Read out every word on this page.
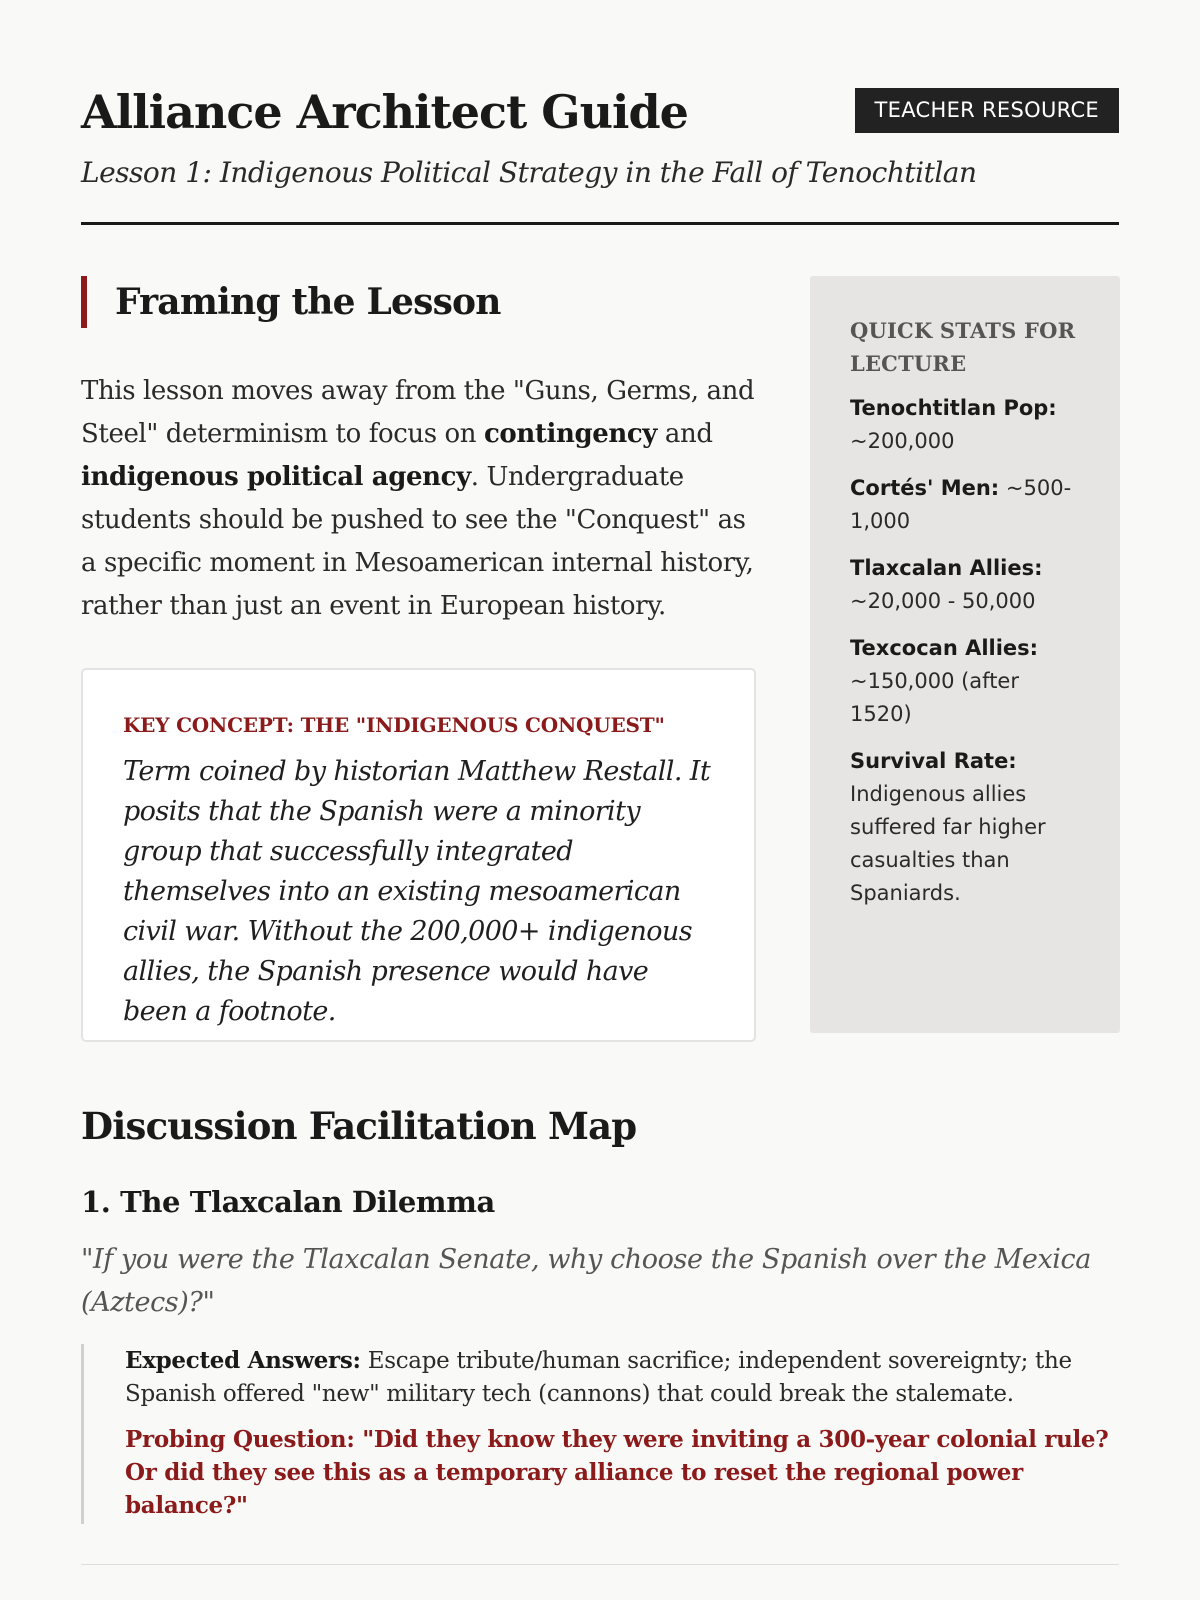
Alliance Architect Guide	TEACHER RESOURCE
Lesson 1: Indigenous Political Strategy in the Fall of Tenochtitlan
Framing the Lesson

This lesson moves away from the "Guns, Germs, and Steel" determinism to focus on contingency and indigenous political agency. Undergraduate students should be pushed to see the "Conquest" as a specific moment in Mesoamerican internal history, rather than just an event in European history.

KEY CONCEPT: THE "INDIGENOUS CONQUEST"

Term coined by historian Matthew Restall. It posits that the Spanish were a minority group that successfully integrated themselves into an existing mesoamerican civil war. Without the 200,000+ indigenous allies, the Spanish presence would have been a footnote.

QUICK STATS FOR LECTURE
Tenochtitlan Pop: ~200,000
Cortés' Men: ~500-1,000
Tlaxcalan Allies: ~20,000 - 50,000
Texcocan Allies: ~150,000 (after 1520)
Survival Rate: Indigenous allies suffered far higher casualties than Spaniards.
Discussion Facilitation Map
1. The Tlaxcalan Dilemma

"If you were the Tlaxcalan Senate, why choose the Spanish over the Mexica (Aztecs)?"

Expected Answers: Escape tribute/human sacrifice; independent sovereignty; the Spanish offered "new" military tech (cannons) that could break the stalemate.

Probing Question: "Did they know they were inviting a 300-year colonial rule? Or did they see this as a temporary alliance to reset the regional power balance?"
